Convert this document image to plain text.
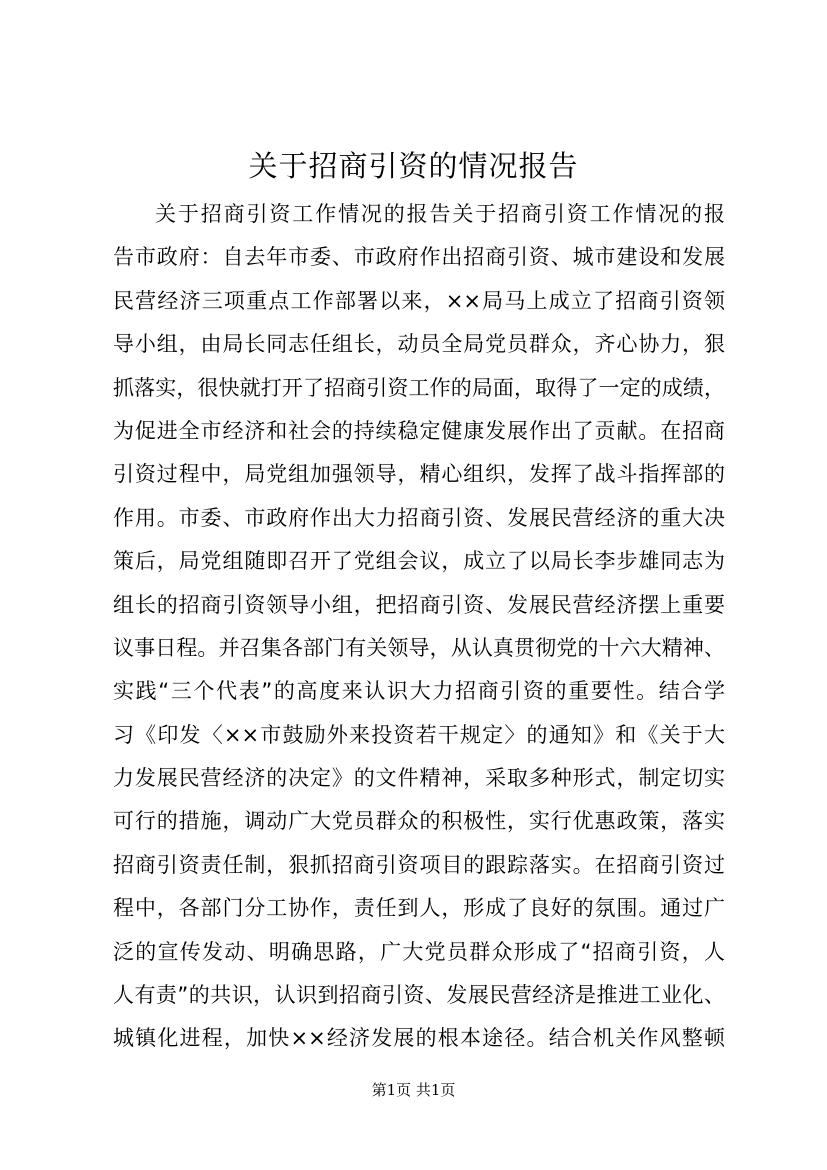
关于招商引资的情况报告
关于招商引资工作情况的报告关于招商引资工作情况的报
告市政府：自去年市委、市政府作出招商引资、城市建设和发展
民营经济三项重点工作部署以来，××局马上成立了招商引资领
导小组，由局长同志任组长，动员全局党员群众，齐心协力，狠
抓落实，很快就打开了招商引资工作的局面，取得了一定的成绩，
为促进全市经济和社会的持续稳定健康发展作出了贡献。在招商
引资过程中，局党组加强领导，精心组织，发挥了战斗指挥部的
作用。市委、市政府作出大力招商引资、发展民营经济的重大决
策后，局党组随即召开了党组会议，成立了以局长李步雄同志为
组长的招商引资领导小组，把招商引资、发展民营经济摆上重要
议事日程。并召集各部门有关领导，从认真贯彻党的十六大精神、
实践“三个代表”的高度来认识大力招商引资的重要性。结合学
习《印发〈××市鼓励外来投资若干规定〉的通知》和《关于大
力发展民营经济的决定》的文件精神，采取多种形式，制定切实
可行的措施，调动广大党员群众的积极性，实行优惠政策，落实
招商引资责任制，狠抓招商引资项目的跟踪落实。在招商引资过
程中，各部门分工协作，责任到人，形成了良好的氛围。通过广
泛的宣传发动、明确思路，广大党员群众形成了“招商引资，人
人有责”的共识，认识到招商引资、发展民营经济是推进工业化、
城镇化进程，加快××经济发展的根本途径。结合机关作风整顿
第1页 共1页
